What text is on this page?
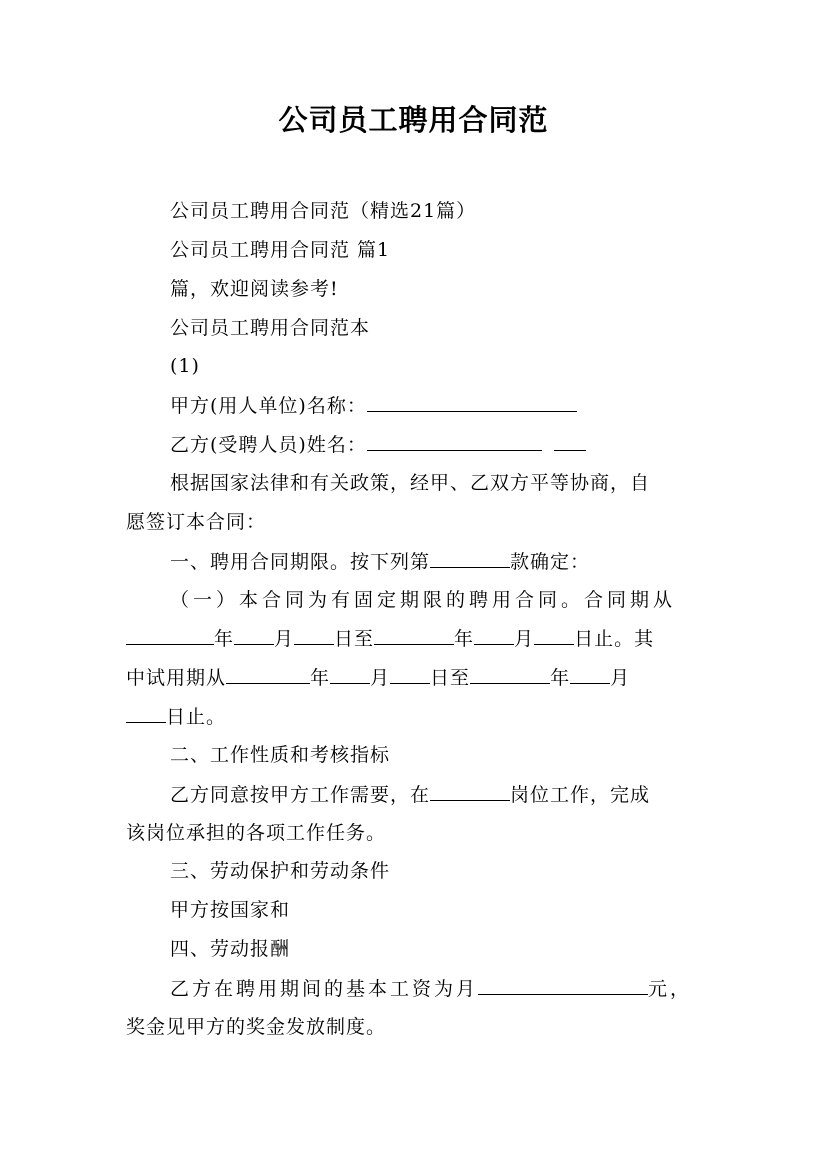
公司员工聘用合同范
公司员工聘用合同范（精选21篇）
公司员工聘用合同范 篇1
篇，欢迎阅读参考!
公司员工聘用合同范本
(1)
甲方(用人单位)名称：
乙方(受聘人员)姓名：
根据国家法律和有关政策，经甲、乙双方平等协商，自
愿签订本合同：
一、聘用合同期限。按下列第	款确定：
（一）本合同为有固定期限的聘用合同。合同期从
年 月 日至	年 月 日止。其
中试用期从	年 月 日至	年 月
日止。
二、工作性质和考核指标
乙方同意按甲方工作需要，在	岗位工作，完成
该岗位承担的各项工作任务。
三、劳动保护和劳动条件
甲方按国家和
四、劳动报酬
乙方在聘用期间的基本工资为月	元，
奖金见甲方的奖金发放制度。
